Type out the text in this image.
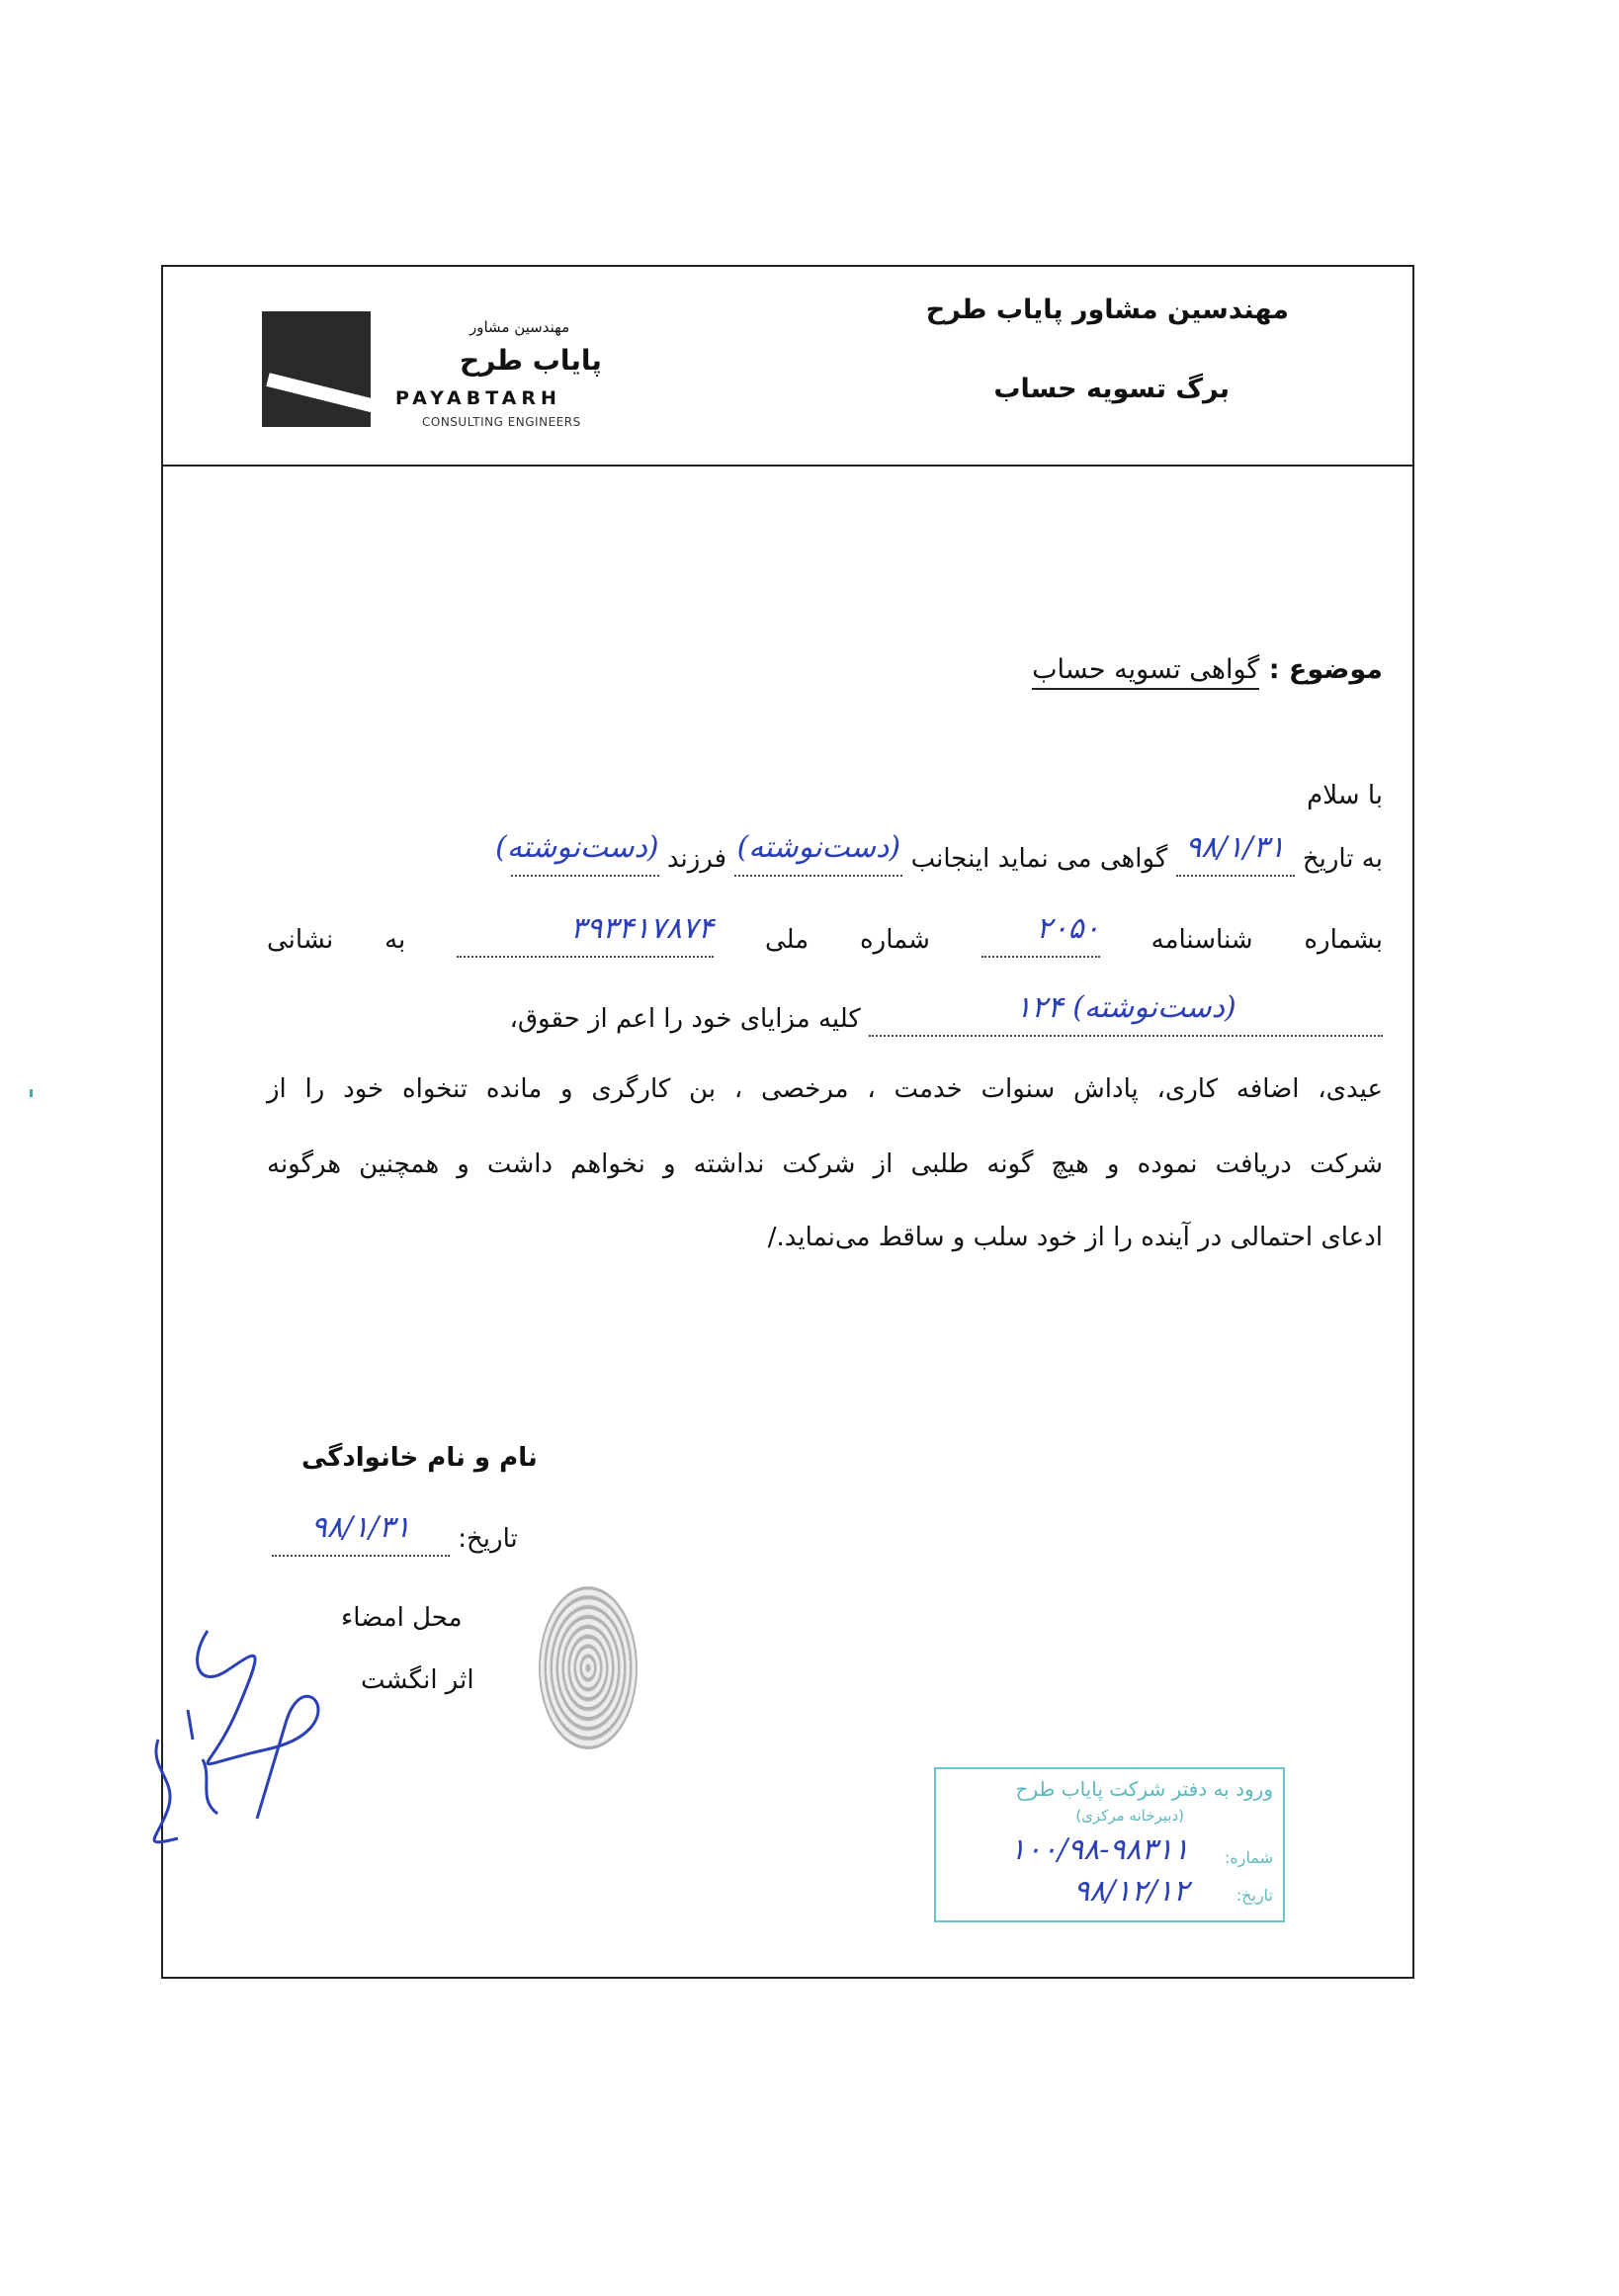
مهندسین مشاور
پایاب طرح
PAYABTARH
CONSULTING ENGINEERS
مهندسین مشاور پایاب طرح
برگ تسویه حساب
موضوع : گواهی تسویه حساب
با سلام
به تاریخ ۹۸/۱/۳۱ گواهی می نماید اینجانب (دست‌نوشته) فرزند (دست‌نوشته)
بشماره شناسنامه ۲۰۵۰ شماره ملی ۳۹۳۴۱۷۸۷۴ به نشانی
(دست‌نوشته) ۱۲۴ کلیه مزایای خود را اعم از حقوق،
عیدی، اضافه کاری، پاداش سنوات خدمت ، مرخصی ، بن کارگری و مانده تنخواه خود را از
شرکت دریافت نموده و هیچ گونه طلبی از شرکت نداشته و نخواهم داشت و همچنین هرگونه
ادعای احتمالی در آینده را از خود سلب و ساقط می‌نماید./
نام و نام خانوادگی
تاریخ: ۹۸/۱/۳۱
محل امضاء
اثر انگشت
ورود به دفتر شرکت پایاب طرح
(دبیرخانه مرکزی)
شماره:
۱۰۰/۹۸-۹۸۳۱۱
تاریخ:
۹۸/۱۲/۱۲
